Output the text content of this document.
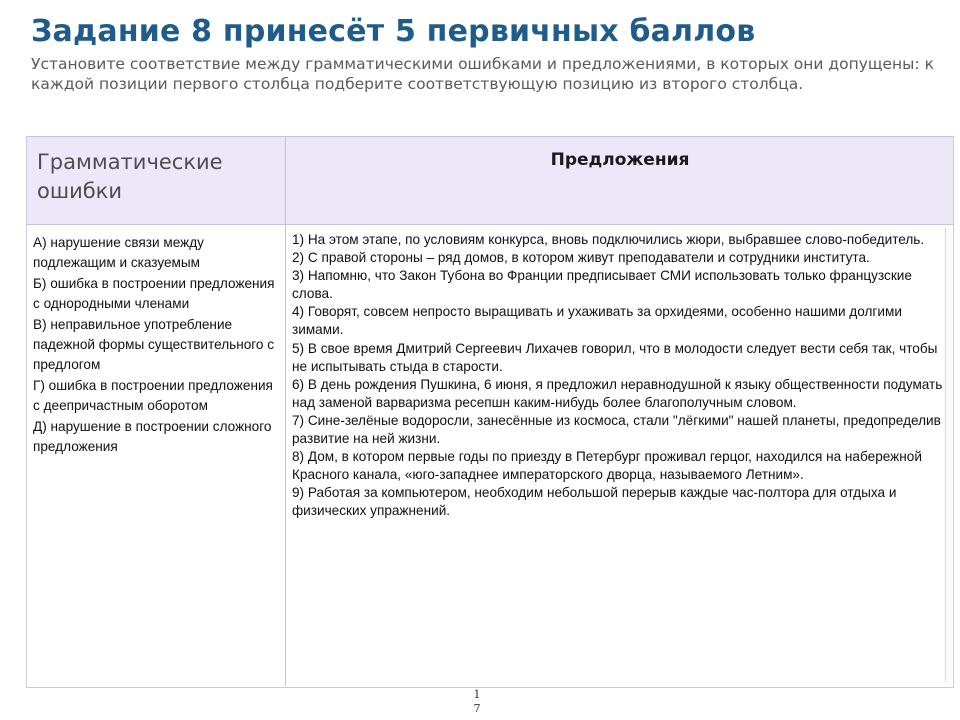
Задание 8 принесёт 5 первичных баллов
Установите соответствие между грамматическими ошибками и предложениями, в которых они допущены: к каждой позиции первого столбца подберите соответствующую позицию из второго столбца.
Грамматические ошибки
Предложения
А) нарушение связи между подлежащим и сказуемым
Б) ошибка в построении предложения с однородными членами
В) неправильное употребление падежной формы существительного с предлогом
Г) ошибка в построении предложения с деепричастным оборотом
Д) нарушение в построении сложного предложения
1) На этом этапе, по условиям конкурса, вновь подключились жюри, выбравшее слово-победитель.
2) С правой стороны – ряд домов, в котором живут преподаватели и сотрудники института.
3) Напомню, что Закон Тубона во Франции предписывает СМИ использовать только французские слова.
4) Говорят, совсем непросто выращивать и ухаживать за орхидеями, особенно нашими долгими зимами.
5) В свое время Дмитрий Сергеевич Лихачев говорил, что в молодости следует вести себя так, чтобы не испытывать стыда в старости.
6) В день рождения Пушкина, 6 июня, я предложил неравнодушной к языку общественности подумать над заменой варваризма ресепшн каким-нибудь более благополучным словом.
7) Сине-зелёные водоросли, занесённые из космоса, стали "лёгкими" нашей планеты, предопределив развитие на ней жизни.
8) Дом, в котором первые годы по приезду в Петербург проживал герцог, находился на набережной Красного канала, «юго-западнее императорского дворца, называемого Летним».
9) Работая за компьютером, необходим небольшой перерыв каждые час-полтора для отдыха и физических упражнений.
1
7
